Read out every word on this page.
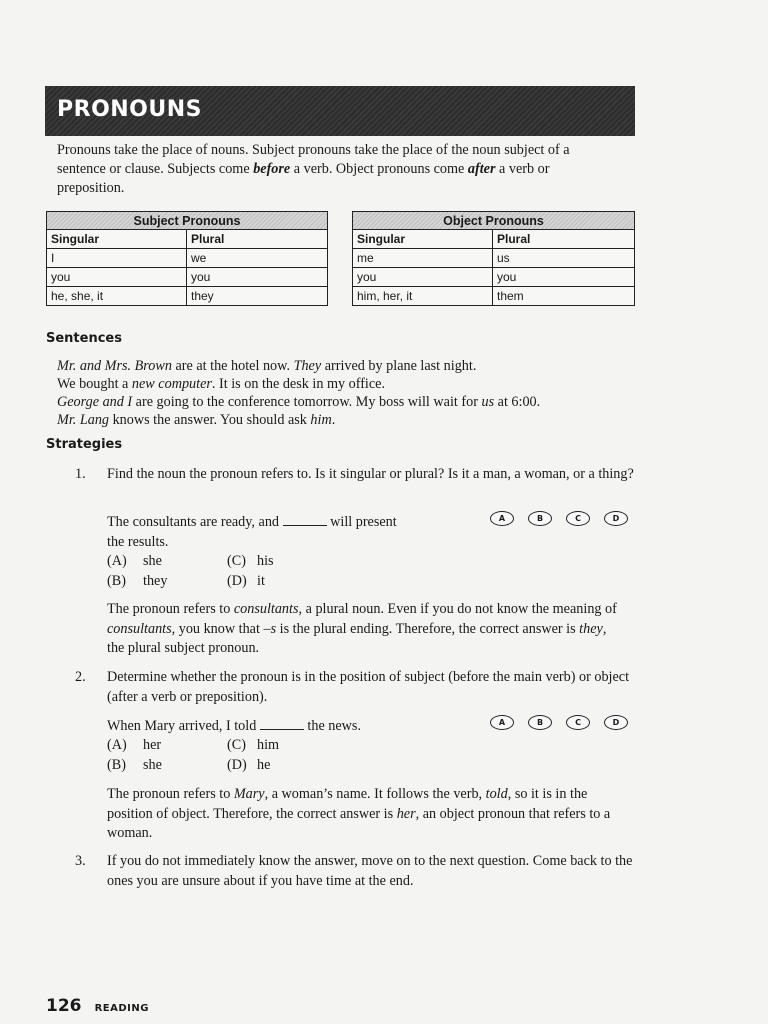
PRONOUNS

Pronouns take the place of nouns. Subject pronouns take the place of the noun subject of a sentence or clause. Subjects come before a verb. Object pronouns come after a verb or preposition.

Subject Pronouns	
Singular	Plural
I	we
you	you
he, she, it	they
Object Pronouns	
Singular	Plural
me	us
you	you
him, her, it	them
Sentences
Mr. and Mrs. Brown are at the hotel now. They arrived by plane last night.
We bought a new computer. It is on the desk in my office.
George and I are going to the conference tomorrow. My boss will wait for us at 6:00.
Mr. Lang knows the answer. You should ask him.
Strategies
1.	Find the noun the pronoun refers to. Is it singular or plural? Is it a man, a woman, or a thing?
The consultants are ready, and	will present
the results.
A	B	C	D
(A) she
(B) they
(C) his
(D) it
The pronoun refers to consultants, a plural noun. Even if you do not know the meaning of consultants, you know that –s is the plural ending. Therefore, the correct answer is they, the plural subject pronoun.
2.	Determine whether the pronoun is in the position of subject (before the main verb) or object (after a verb or preposition).
When Mary arrived, I told	the news.	A	B	C	D
(A) her
(B) she
(C) him
(D) he
The pronoun refers to Mary, a woman’s name. It follows the verb, told, so it is in the position of object. Therefore, the correct answer is her, an object pronoun that refers to a woman.
3.	If you do not immediately know the answer, move on to the next question. Come back to the ones you are unsure about if you have time at the end.
126 READING
